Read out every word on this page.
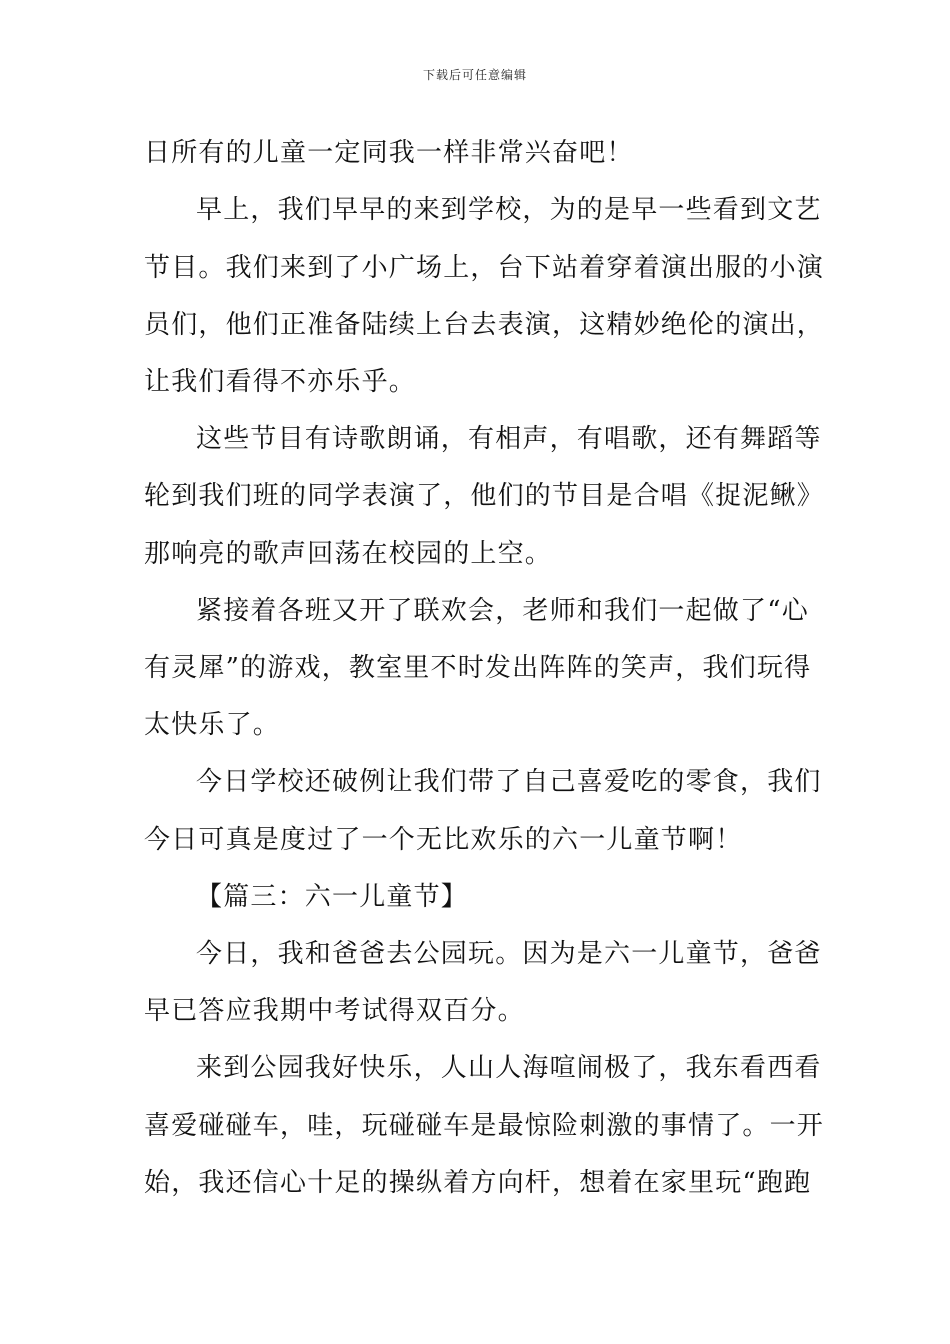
下载后可任意编辑
日所有的儿童一定同我一样非常兴奋吧！
早上，我们早早的来到学校，为的是早一些看到文艺
节目。我们来到了小广场上，台下站着穿着演出服的小演
员们，他们正准备陆续上台去表演，这精妙绝伦的演出，
让我们看得不亦乐乎。
这些节目有诗歌朗诵，有相声，有唱歌，还有舞蹈等
轮到我们班的同学表演了，他们的节目是合唱《捉泥鳅》
那响亮的歌声回荡在校园的上空。
紧接着各班又开了联欢会，老师和我们一起做了“心
有灵犀”的游戏，教室里不时发出阵阵的笑声，我们玩得
太快乐了。
今日学校还破例让我们带了自己喜爱吃的零食，我们
今日可真是度过了一个无比欢乐的六一儿童节啊！
【篇三：六一儿童节】
今日，我和爸爸去公园玩。因为是六一儿童节，爸爸
早已答应我期中考试得双百分。
来到公园我好快乐，人山人海喧闹极了，我东看西看
喜爱碰碰车，哇，玩碰碰车是最惊险刺激的事情了。一开
始，我还信心十足的操纵着方向杆，想着在家里玩“跑跑
